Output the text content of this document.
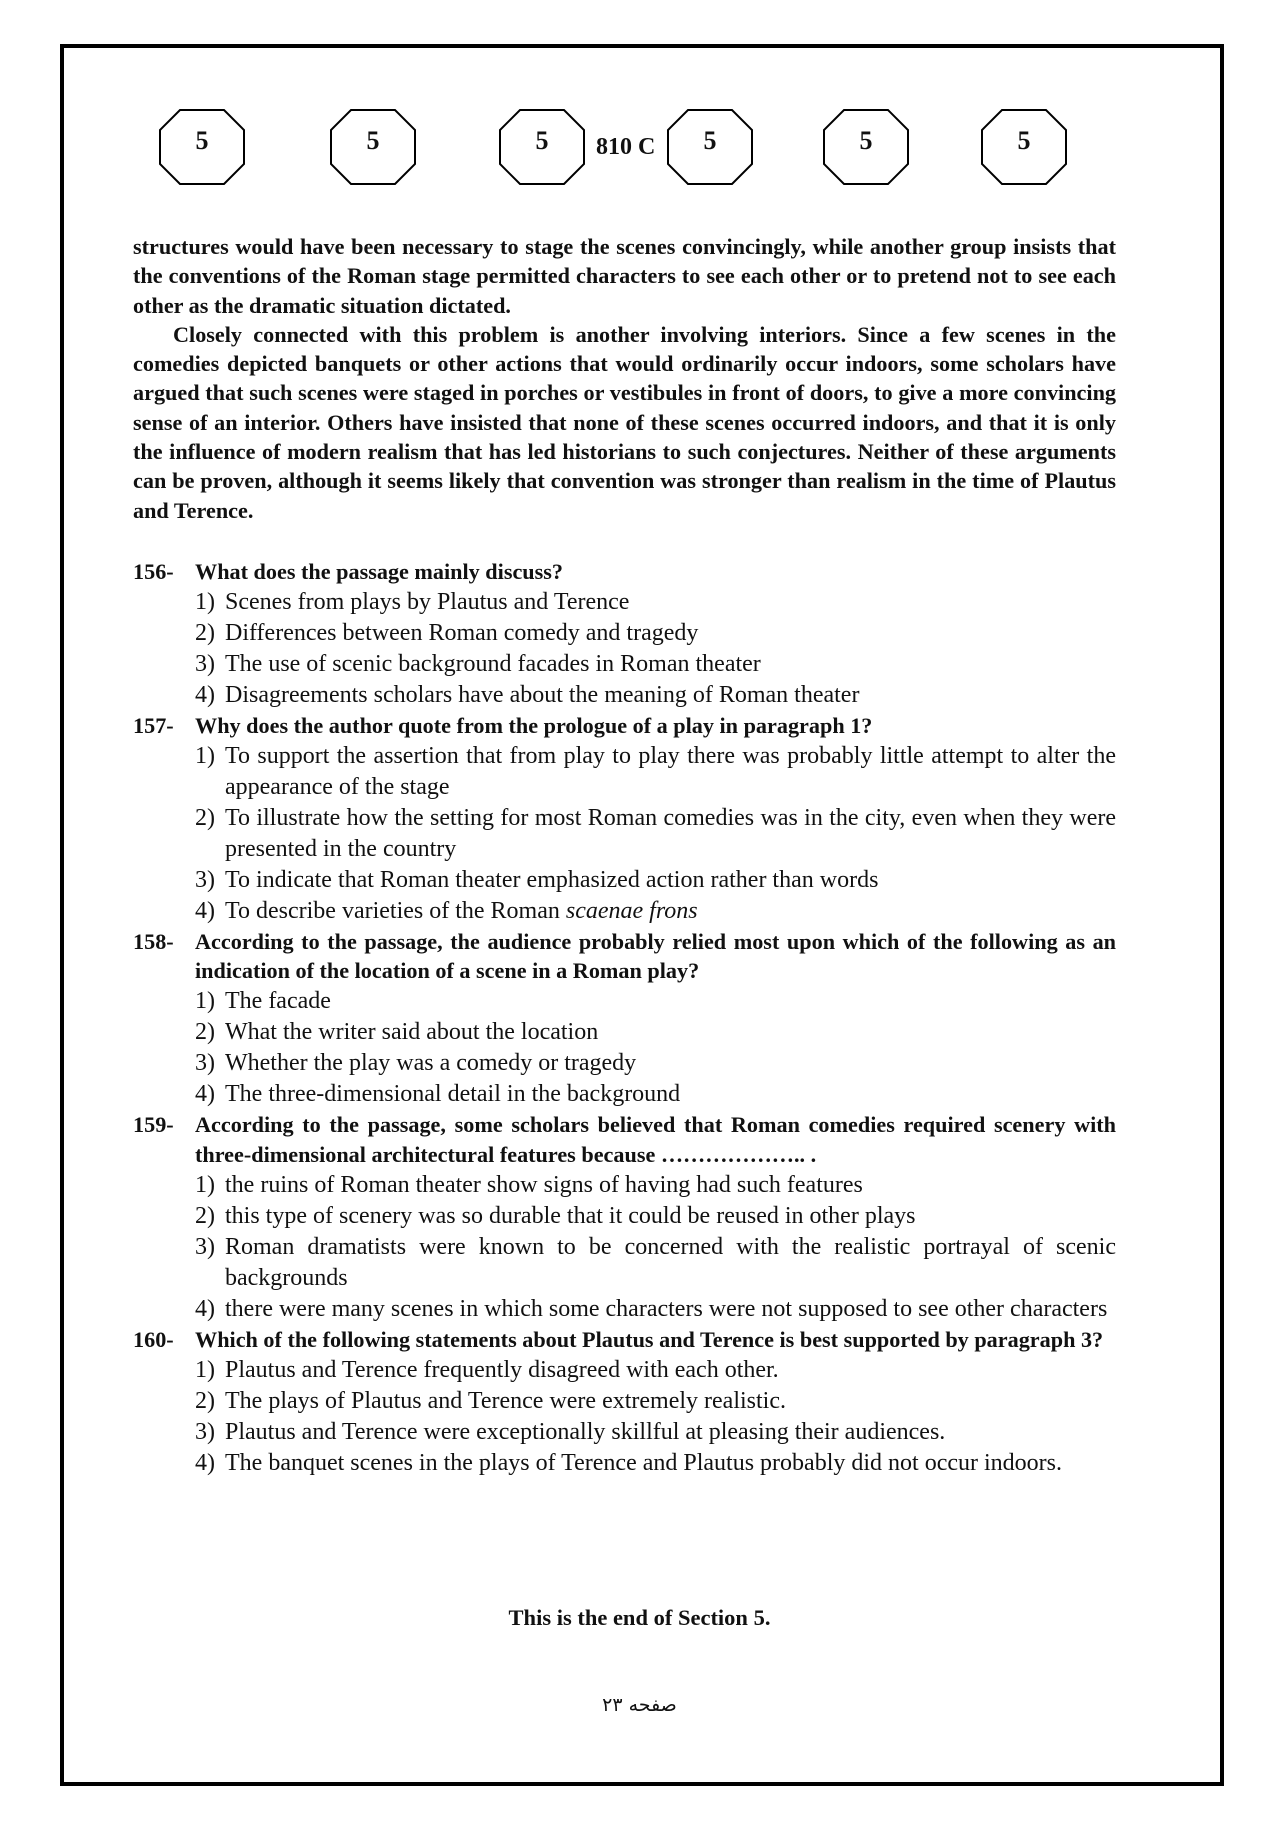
5	5	5	810 C	5	5	5

structures would have been necessary to stage the scenes convincingly, while another group insists that the conventions of the Roman stage permitted characters to see each other or to pretend not to see each other as the dramatic situation dictated.

Closely connected with this problem is another involving interiors. Since a few scenes in the comedies depicted banquets or other actions that would ordinarily occur indoors, some scholars have argued that such scenes were staged in porches or vestibules in front of doors, to give a more convincing sense of an interior. Others have insisted that none of these scenes occurred indoors, and that it is only the influence of modern realism that has led historians to such conjectures. Neither of these arguments can be proven, although it seems likely that convention was stronger than realism in the time of Plautus and Terence.

156- What does the passage mainly discuss?
1) Scenes from plays by Plautus and Terence
2) Differences between Roman comedy and tragedy
3) The use of scenic background facades in Roman theater
4) Disagreements scholars have about the meaning of Roman theater
157- Why does the author quote from the prologue of a play in paragraph 1?
1) To support the assertion that from play to play there was probably little attempt to alter the appearance of the stage
2) To illustrate how the setting for most Roman comedies was in the city, even when they were presented in the country
3) To indicate that Roman theater emphasized action rather than words
4) To describe varieties of the Roman scaenae frons
158- According to the passage, the audience probably relied most upon which of the following as an indication of the location of a scene in a Roman play?
1) The facade
2) What the writer said about the location
3) Whether the play was a comedy or tragedy
4) The three-dimensional detail in the background
159- According to the passage, some scholars believed that Roman comedies required scenery with three-dimensional architectural features because ……………….. .
1) the ruins of Roman theater show signs of having had such features
2) this type of scenery was so durable that it could be reused in other plays
3) Roman dramatists were known to be concerned with the realistic portrayal of scenic backgrounds
4) there were many scenes in which some characters were not supposed to see other characters
160- Which of the following statements about Plautus and Terence is best supported by paragraph 3?
1) Plautus and Terence frequently disagreed with each other.
2) The plays of Plautus and Terence were extremely realistic.
3) Plautus and Terence were exceptionally skillful at pleasing their audiences.
4) The banquet scenes in the plays of Terence and Plautus probably did not occur indoors.
This is the end of Section 5.
صفحه ۲۳
